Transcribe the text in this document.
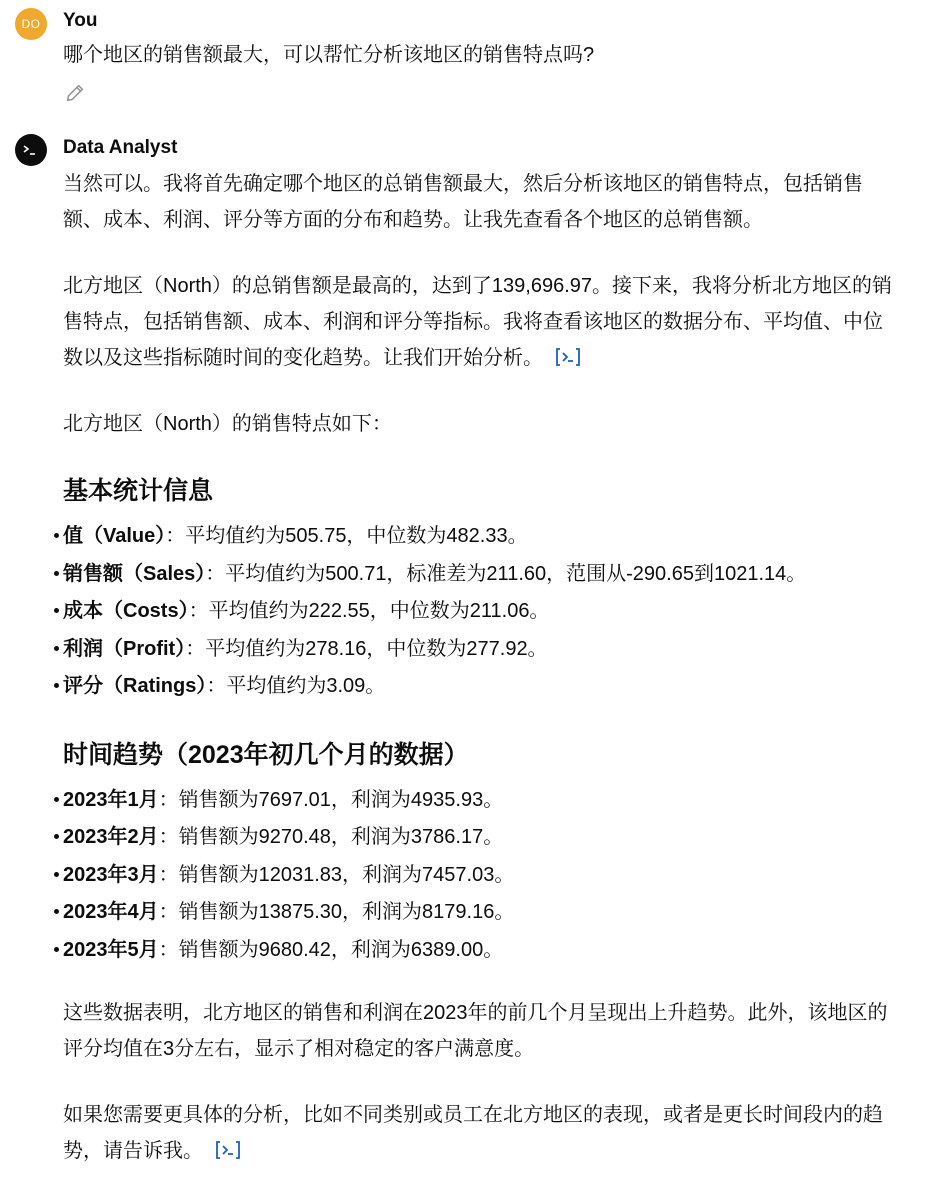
DO You
哪个地区的销售额最大，可以帮忙分析该地区的销售特点吗?
Data Analyst

当然可以。我将首先确定哪个地区的总销售额最大，然后分析该地区的销售特点，包括销售额、成本、利润、评分等方面的分布和趋势。让我先查看各个地区的总销售额。

北方地区（North）的总销售额是最高的，达到了139,696.97。接下来，我将分析北方地区的销售特点，包括销售额、成本、利润和评分等指标。我将查看该地区的数据分布、平均值、中位数以及这些指标随时间的变化趋势。让我们开始分析。

北方地区（North）的销售特点如下：

基本统计信息
值（Value）：平均值约为505.75，中位数为482.33。
销售额（Sales）：平均值约为500.71，标准差为211.60，范围从-290.65到1021.14。
成本（Costs）：平均值约为222.55，中位数为211.06。
利润（Profit）：平均值约为278.16，中位数为277.92。
评分（Ratings）：平均值约为3.09。
时间趋势（2023年初几个月的数据）
2023年1月：销售额为7697.01，利润为4935.93。
2023年2月：销售额为9270.48，利润为3786.17。
2023年3月：销售额为12031.83，利润为7457.03。
2023年4月：销售额为13875.30，利润为8179.16。
2023年5月：销售额为9680.42，利润为6389.00。

这些数据表明，北方地区的销售和利润在2023年的前几个月呈现出上升趋势。此外，该地区的评分均值在3分左右，显示了相对稳定的客户满意度。

如果您需要更具体的分析，比如不同类别或员工在北方地区的表现，或者是更长时间段内的趋势，请告诉我。
